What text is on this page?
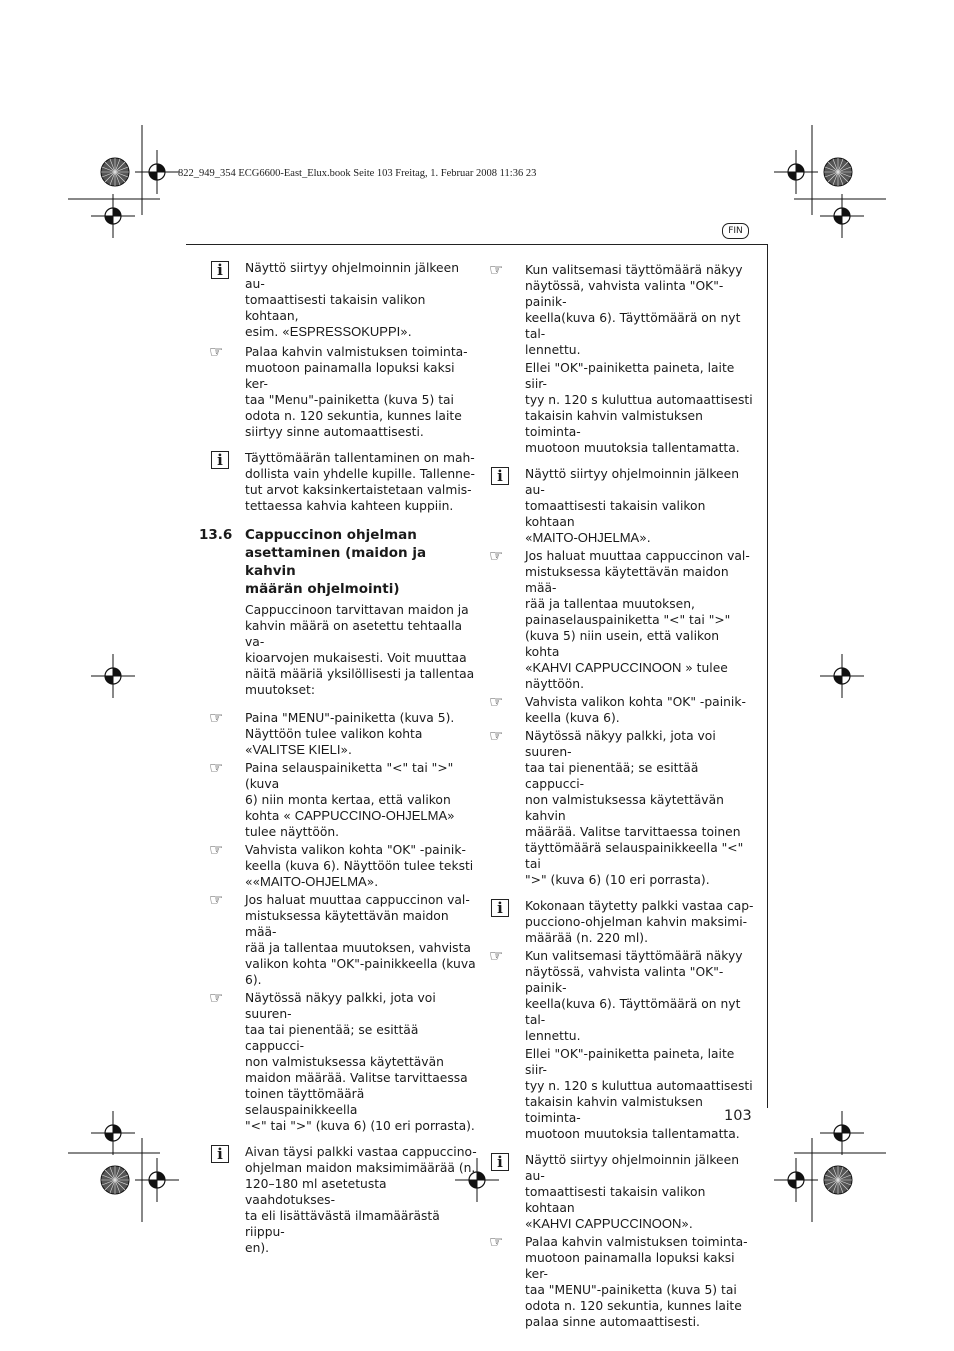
822_949_354 ECG6600-East_Elux.book Seite 103 Freitag, 1. Februar 2008 11:36 23
FIN
103
i	Näyttö siirtyy ohjelmoinnin jälkeen au-
tomaattisesti takaisin valikon kohtaan,
esim. «ESPRESSOKUPPI».

☞ Palaa kahvin valmistuksen toiminta-
muotoon painamalla lopuksi kaksi ker-
taa "Menu"-painiketta (kuva 5) tai
odota n. 120 sekuntia, kunnes laite
siirtyy sinne automaattisesti.

i	Täyttömäärän tallentaminen on mah-
dollista vain yhdelle kupille. Tallenne-
tut arvot kaksinkertaistetaan valmis-
tettaessa kahvia kahteen kuppiin.

13.6 Cappuccinon ohjelman
asettaminen (maidon ja kahvin
määrän ohjelmointi)

Cappuccinoon tarvittavan maidon ja
kahvin määrä on asetettu tehtaalla va-
kioarvojen mukaisesti. Voit muuttaa
näitä määriä yksilöllisesti ja tallentaa
muutokset:

☞ Paina "MENU"-painiketta (kuva 5).
Näyttöön tulee valikon kohta
«VALITSE KIELI».

☞ Paina selauspainiketta "<" tai ">" (kuva
6) niin monta kertaa, että valikon
kohta « CAPPUCCINO-OHJELMA»
tulee näyttöön.

☞ Vahvista valikon kohta "OK" -painik-
keella (kuva 6). Näyttöön tulee teksti
««MAITO-OHJELMA».

☞ Jos haluat muuttaa cappuccinon val-
mistuksessa käytettävän maidon mää-
rää ja tallentaa muutoksen, vahvista
valikon kohta "OK"-painikkeella (kuva
6).

☞ Näytössä näkyy palkki, jota voi suuren-
taa tai pienentää; se esittää cappucci-
non valmistuksessa käytettävän
maidon määrää. Valitse tarvittaessa
toinen täyttömäärä selauspainikkeella
"<" tai ">" (kuva 6) (10 eri porrasta).

i	Aivan täysi palkki vastaa cappuccino-
ohjelman maidon maksimimäärää (n.
120–180 ml asetetusta vaahdotukses-
ta eli lisättävästä ilmamäärästä riippu-
en).

☞ Kun valitsemasi täyttömäärä näkyy
näytössä, vahvista valinta "OK"-painik-
keella(kuva 6). Täyttömäärä on nyt tal-
lennettu.

Ellei "OK"-painiketta paineta, laite siir-
tyy n. 120 s kuluttua automaattisesti
takaisin kahvin valmistuksen toiminta-
muotoon muutoksia tallentamatta.

i	Näyttö siirtyy ohjelmoinnin jälkeen au-
tomaattisesti takaisin valikon kohtaan
«MAITO-OHJELMA».

☞ Jos haluat muuttaa cappuccinon val-
mistuksessa käytettävän maidon mää-
rää ja tallentaa muutoksen,
painaselauspainiketta "<" tai ">"
(kuva 5) niin usein, että valikon kohta
«KAHVI CAPPUCCINOON » tulee
näyttöön.

☞ Vahvista valikon kohta "OK" -painik-
keella (kuva 6).

☞ Näytössä näkyy palkki, jota voi suuren-
taa tai pienentää; se esittää cappucci-
non valmistuksessa käytettävän kahvin
määrää. Valitse tarvittaessa toinen
täyttömäärä selauspainikkeella "<" tai
">" (kuva 6) (10 eri porrasta).

i	Kokonaan täytetty palkki vastaa cap-
pucciono-ohjelman kahvin maksimi-
määrää (n. 220 ml).

☞ Kun valitsemasi täyttömäärä näkyy
näytössä, vahvista valinta "OK"-painik-
keella(kuva 6). Täyttömäärä on nyt tal-
lennettu.

Ellei "OK"-painiketta paineta, laite siir-
tyy n. 120 s kuluttua automaattisesti
takaisin kahvin valmistuksen toiminta-
muotoon muutoksia tallentamatta.

i	Näyttö siirtyy ohjelmoinnin jälkeen au-
tomaattisesti takaisin valikon kohtaan
«KAHVI CAPPUCCINOON».

☞ Palaa kahvin valmistuksen toiminta-
muotoon painamalla lopuksi kaksi ker-
taa "MENU"-painiketta (kuva 5) tai
odota n. 120 sekuntia, kunnes laite
palaa sinne automaattisesti.
